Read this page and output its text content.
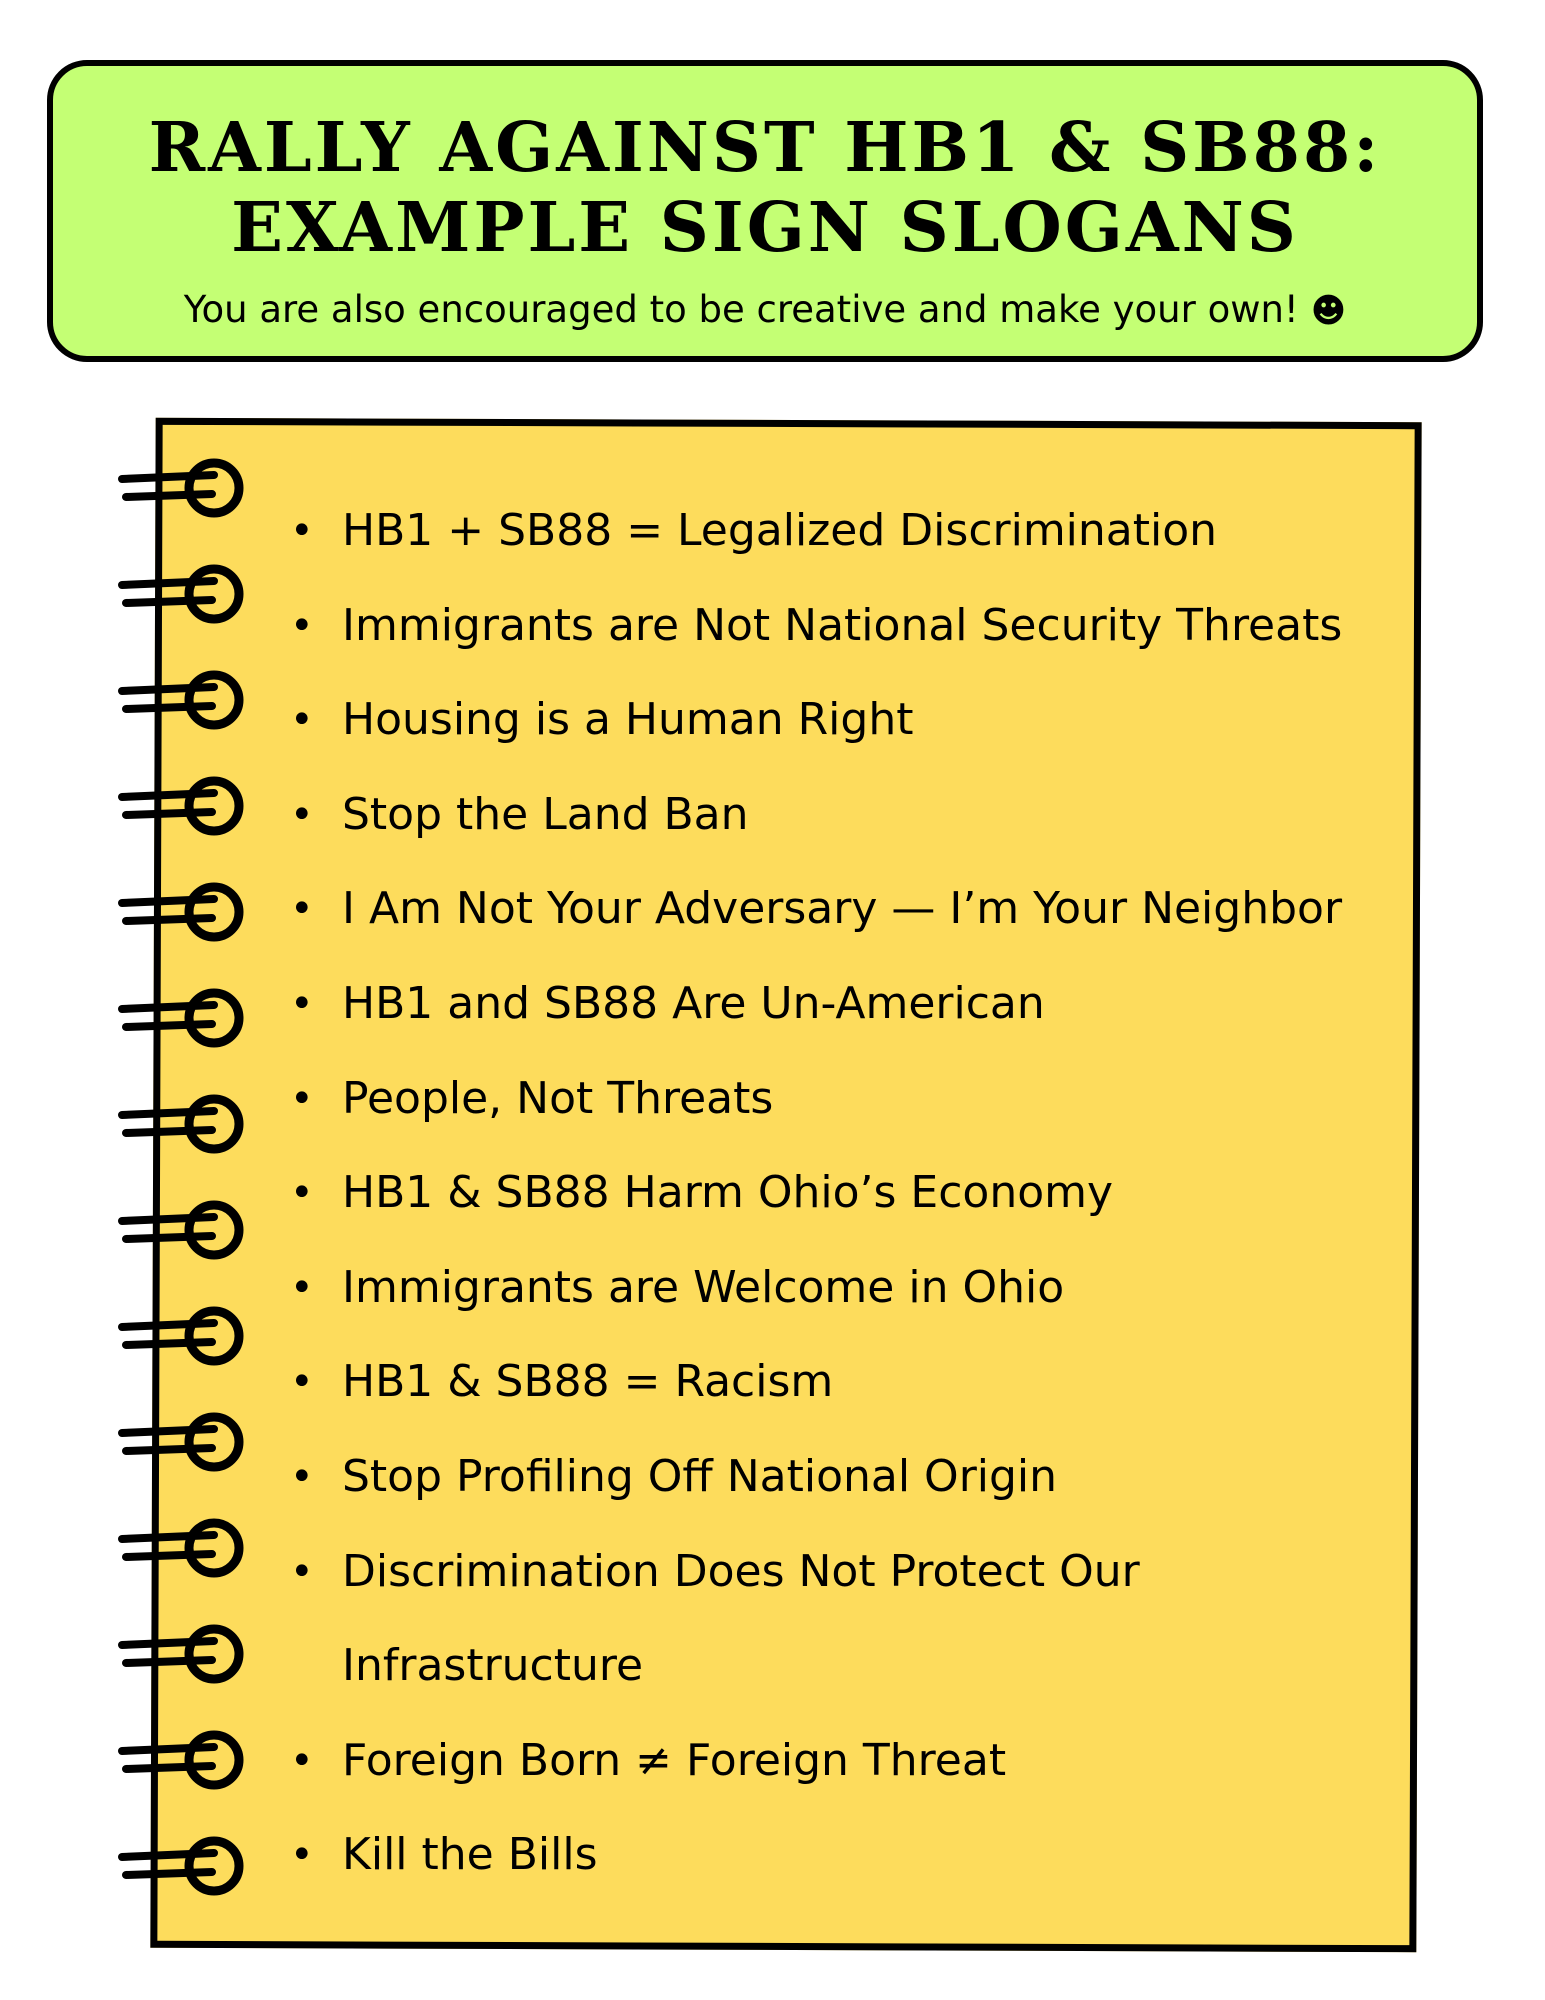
RALLY AGAINST HB1 & SB88:
EXAMPLE SIGN SLOGANS

You are also encouraged to be creative and make your own! ☻

• HB1 + SB88 = Legalized Discrimination
• Immigrants are Not National Security Threats
• Housing is a Human Right
• Stop the Land Ban
• I Am Not Your Adversary — I’m Your Neighbor
• HB1 and SB88 Are Un-American
• People, Not Threats
• HB1 & SB88 Harm Ohio’s Economy
• Immigrants are Welcome in Ohio
• HB1 & SB88 = Racism
• Stop Profiling Off National Origin
• Discrimination Does Not Protect Our Infrastructure
• Foreign Born ≠ Foreign Threat
• Kill the Bills
